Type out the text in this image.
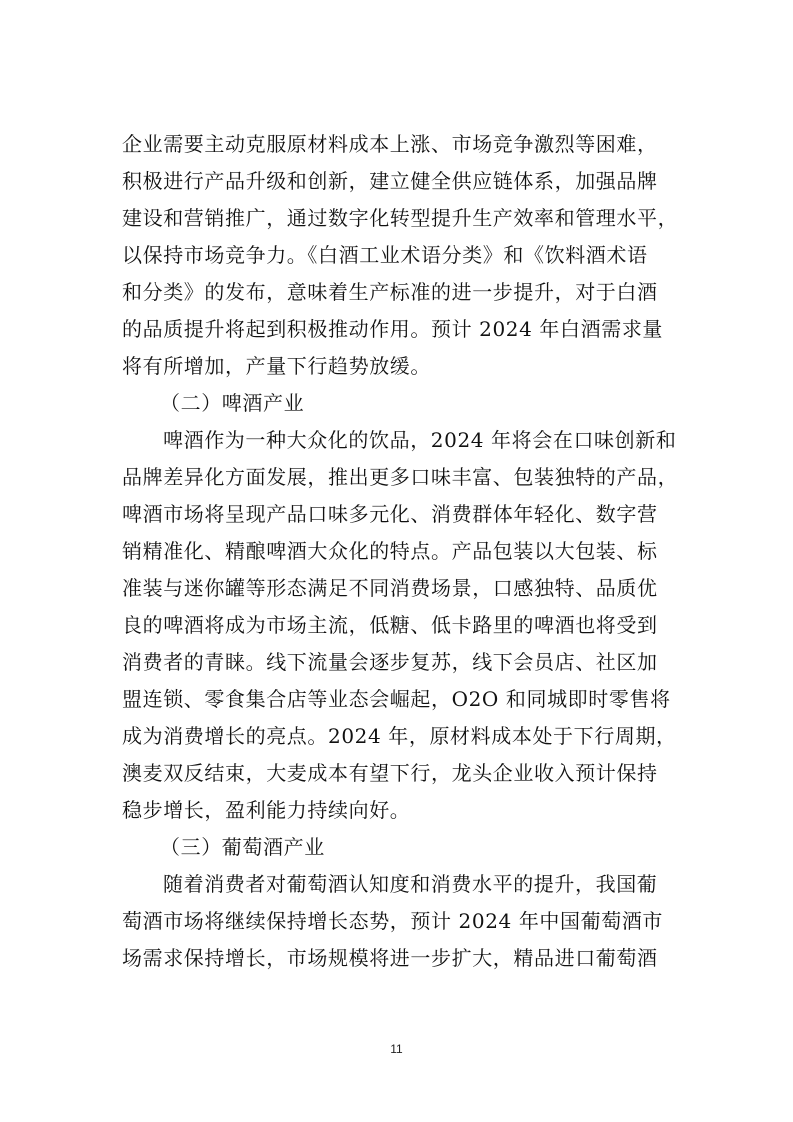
企业需要主动克服原材料成本上涨、市场竞争激烈等困难，
积极进行产品升级和创新，建立健全供应链体系，加强品牌
建设和营销推广，通过数字化转型提升生产效率和管理水平，
以保持市场竞争力。《白酒工业术语分类》和《饮料酒术语
和分类》的发布，意味着生产标准的进一步提升，对于白酒
的品质提升将起到积极推动作用。预计 2024 年白酒需求量
将有所增加，产量下行趋势放缓。
（二）啤酒产业
啤酒作为一种大众化的饮品，2024 年将会在口味创新和
品牌差异化方面发展，推出更多口味丰富、包装独特的产品，
啤酒市场将呈现产品口味多元化、消费群体年轻化、数字营
销精准化、精酿啤酒大众化的特点。产品包装以大包装、标
准装与迷你罐等形态满足不同消费场景，口感独特、品质优
良的啤酒将成为市场主流，低糖、低卡路里的啤酒也将受到
消费者的青睐。线下流量会逐步复苏，线下会员店、社区加
盟连锁、零食集合店等业态会崛起，O2O 和同城即时零售将
成为消费增长的亮点。2024 年，原材料成本处于下行周期，
澳麦双反结束，大麦成本有望下行，龙头企业收入预计保持
稳步增长，盈利能力持续向好。
（三）葡萄酒产业
随着消费者对葡萄酒认知度和消费水平的提升，我国葡
萄酒市场将继续保持增长态势，预计 2024 年中国葡萄酒市
场需求保持增长，市场规模将进一步扩大，精品进口葡萄酒
11
